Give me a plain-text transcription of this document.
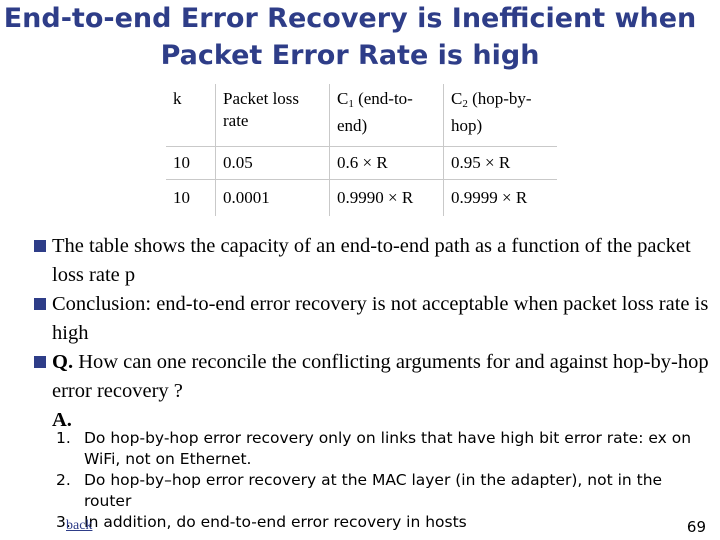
End-to-end Error Recovery is Inefficient when
Packet Error Rate is high
k	Packet loss rate	$C_1$ (end-to-end)	$C_2$ (hop-by-hop)
10	0.05	0.6 × R	0.95 × R
10	0.0001	0.9990 × R	0.9999 × R
The table shows the capacity of an end-to-end path as a function of the packet loss rate p
Conclusion: end-to-end error recovery is not acceptable when packet loss rate is high
Q. How can one reconcile the conflicting arguments for and against hop-by-hop error recovery ?
A.
1. Do hop-by-hop error recovery only on links that have high bit error rate: ex on WiFi, not on Ethernet.
2. Do hop-by–hop error recovery at the MAC layer (in the adapter), not in the router
3. In addition, do end-to-end error recovery in hosts
back	69
